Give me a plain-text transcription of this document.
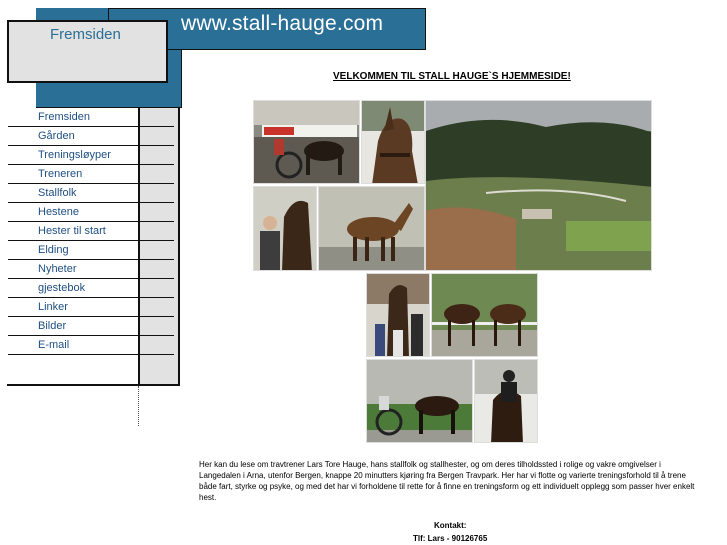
www.stall-hauge.com
Fremsiden
Fremsiden
Gården
Treningsløyper
Treneren
Stallfolk
Hestene
Hester til start
Elding
Nyheter
gjestebok
Linker
Bilder
E-mail
VELKOMMEN TIL STALL HAUGE`S HJEMMESIDE!
Her kan du lese om travtrener Lars Tore Hauge, hans stallfolk og stallhester, og om deres tilholdssted i rolige og vakre omgivelser i Langedalen i Arna, utenfor Bergen, knappe 20 minutters kjøring fra Bergen Travpark. Her har vi flotte og varierte treningsforhold til å trene både fart, styrke og psyke, og med det har vi forholdene til rette for å finne en treningsform og ett individuelt opplegg som passer hver enkelt hest.
Kontakt:
Tlf: Lars - 90126765
